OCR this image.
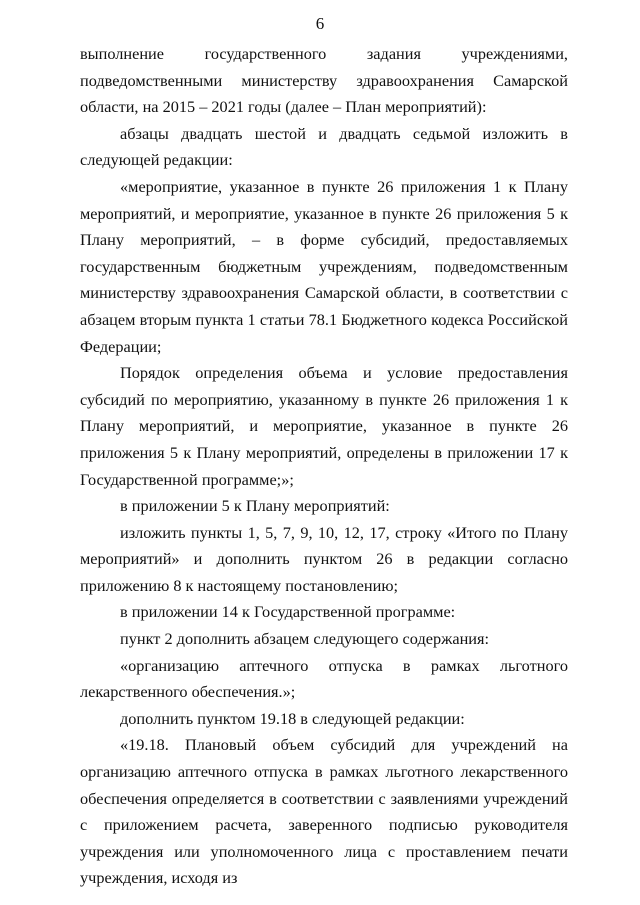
6

выполнение государственного задания учреждениями, подведомственными министерству здравоохранения Самарской области, на 2015 – 2021 годы (далее – План мероприятий):

абзацы двадцать шестой и двадцать седьмой изложить в следующей редакции:

«мероприятие, указанное в пункте 26 приложения 1 к Плану мероприятий, и мероприятие, указанное в пункте 26 приложения 5 к Плану мероприятий, – в форме субсидий, предоставляемых государственным бюджетным учреждениям, подведомственным министерству здравоохранения Самарской области, в соответствии с абзацем вторым пункта 1 статьи 78.1 Бюджетного кодекса Российской Федерации;

Порядок определения объема и условие предоставления субсидий по мероприятию, указанному в пункте 26 приложения 1 к Плану мероприятий, и мероприятие, указанное в пункте 26 приложения 5 к Плану мероприятий, определены в приложении 17 к Государственной программе;»;

в приложении 5 к Плану мероприятий:

изложить пункты 1, 5, 7, 9, 10, 12, 17, строку «Итого по Плану мероприятий» и дополнить пунктом 26 в редакции согласно приложению 8 к настоящему постановлению;

в приложении 14 к Государственной программе:

пункт 2 дополнить абзацем следующего содержания:

«организацию аптечного отпуска в рамках льготного лекарственного обеспечения.»;

дополнить пунктом 19.18 в следующей редакции:

«19.18. Плановый объем субсидий для учреждений на организацию аптечного отпуска в рамках льготного лекарственного обеспечения определяется в соответствии с заявлениями учреждений с приложением расчета, заверенного подписью руководителя учреждения или уполномоченного лица с проставлением печати учреждения, исходя из
